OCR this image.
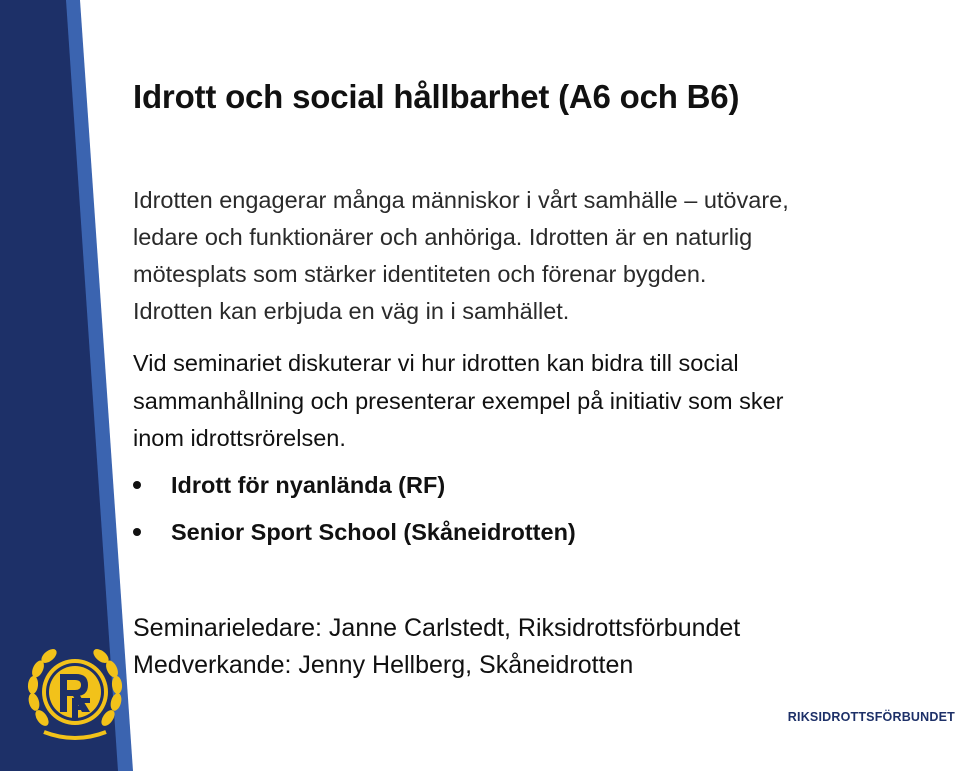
Idrott och social hållbarhet (A6 och B6)
Idrotten engagerar många människor i vårt samhälle – utövare,
ledare och funktionärer och anhöriga. Idrotten är en naturlig
mötesplats som stärker identiteten och förenar bygden.
Idrotten kan erbjuda en väg in i samhället.
Vid seminariet diskuterar vi hur idrotten kan bidra till social
sammanhållning och presenterar exempel på initiativ som sker
inom idrottsrörelsen.
Idrott för nyanlända (RF)
Senior Sport School (Skåneidrotten)
Seminarieledare: Janne Carlstedt, Riksidrottsförbundet
Medverkande: Jenny Hellberg, Skåneidrotten
RIKSIDROTTSFÖRBUNDET
